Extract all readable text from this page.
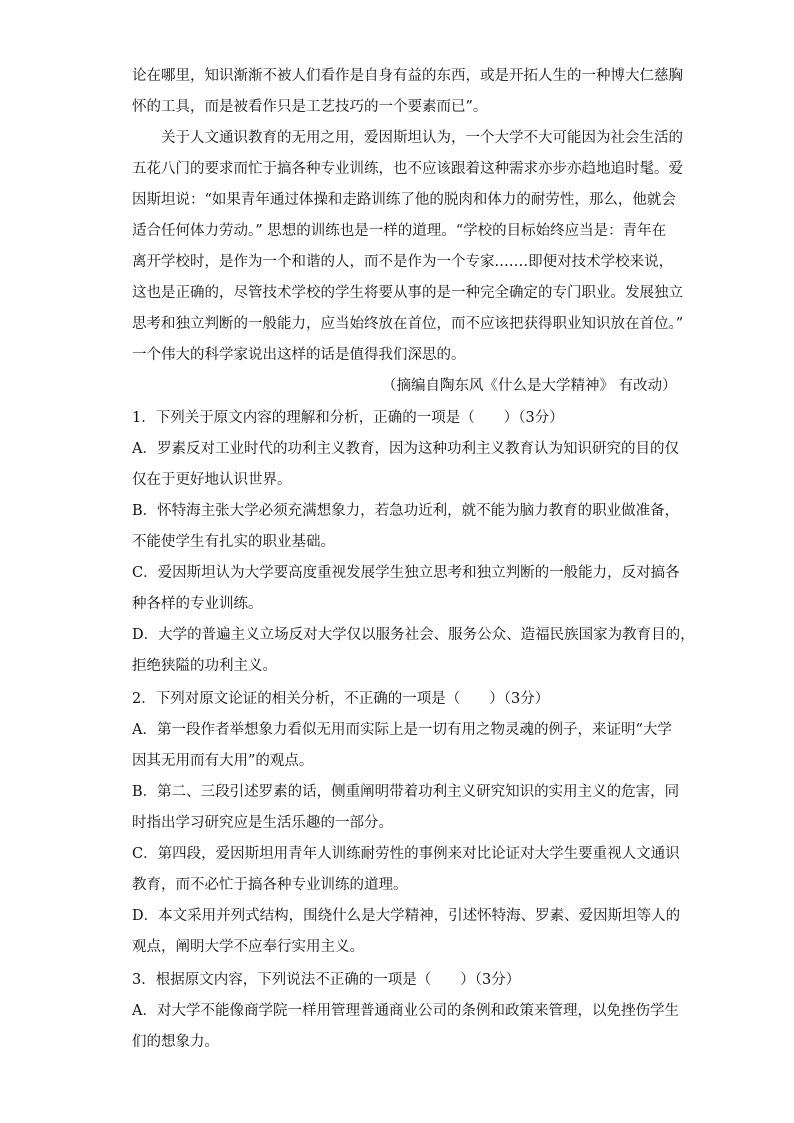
论在哪里，知识渐渐不被人们看作是自身有益的东西，或是开拓人生的一种博大仁慈胸
怀的工具，而是被看作只是工艺技巧的一个要素而已”。
关于人文通识教育的无用之用，爱因斯坦认为，一个大学不大可能因为社会生活的
五花八门的要求而忙于搞各种专业训练，也不应该跟着这种需求亦步亦趋地追时髦。爱
因斯坦说：“如果青年通过体操和走路训练了他的脱肉和体力的耐劳性，那么，他就会
适合任何体力劳动。” 思想的训练也是一样的道理。“学校的目标始终应当是：青年在
离开学校时，是作为一个和谐的人，而不是作为一个专家.……即便对技术学校来说，
这也是正确的，尽管技术学校的学生将要从事的是一种完全确定的专门职业。发展独立
思考和独立判断的一般能力，应当始终放在首位，而不应该把获得职业知识放在首位。”
一个伟大的科学家说出这样的话是值得我们深思的。
（摘编自陶东风《什么是大学精神》 有改动）
1．下列关于原文内容的理解和分析，正确的一项是（　　）（3分）
A．罗素反对工业时代的功利主义教育，因为这种功利主义教育认为知识研究的目的仅
仅在于更好地认识世界。
B．怀特海主张大学必须充满想象力，若急功近利，就不能为脑力教育的职业做准备，
不能使学生有扎实的职业基础。
C．爱因斯坦认为大学要高度重视发展学生独立思考和独立判断的一般能力，反对搞各
种各样的专业训练。
D．大学的普遍主义立场反对大学仅以服务社会、服务公众、造福民族国家为教育目的，
拒绝狭隘的功利主义。
2．下列对原文论证的相关分析，不正确的一项是（　　）（3分）
A．第一段作者举想象力看似无用而实际上是一切有用之物灵魂的例子，来证明“大学
因其无用而有大用”的观点。
B．第二、三段引述罗素的话，侧重阐明带着功利主义研究知识的实用主义的危害，同
时指出学习研究应是生活乐趣的一部分。
C．第四段，爱因斯坦用青年人训练耐劳性的事例来对比论证对大学生要重视人文通识
教育，而不必忙于搞各种专业训练的道理。
D．本文采用并列式结构，围绕什么是大学精神，引述怀特海、罗素、爱因斯坦等人的
观点，阐明大学不应奉行实用主义。
3．根据原文内容，下列说法不正确的一项是（　　）（3分）
A．对大学不能像商学院一样用管理普通商业公司的条例和政策来管理，以免挫伤学生
们的想象力。
